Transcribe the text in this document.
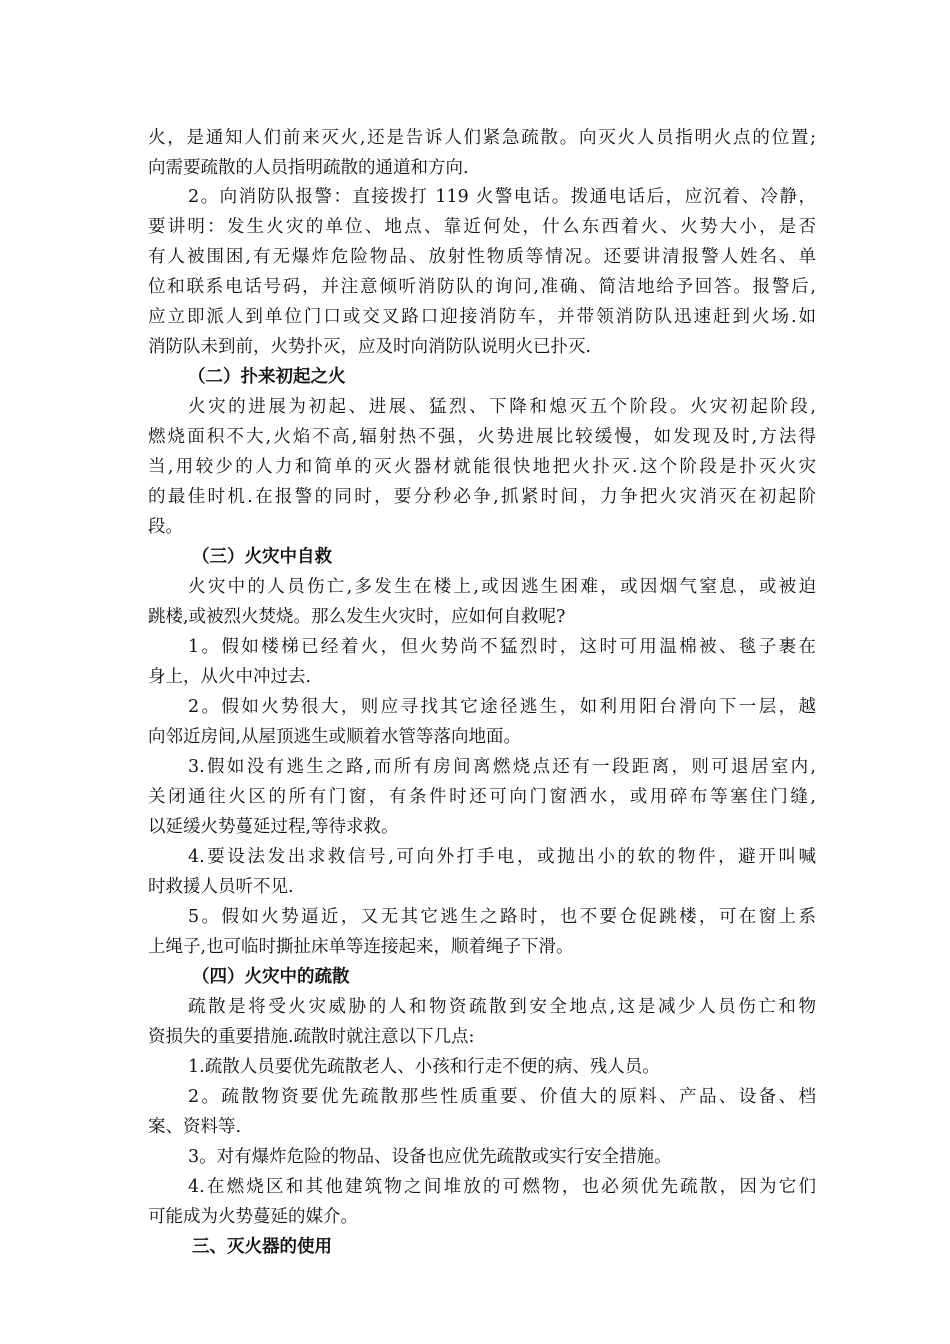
火，是通知人们前来灭火,还是告诉人们紧急疏散。向灭火人员指明火点的位置;
向需要疏散的人员指明疏散的通道和方向.
2。向消防队报警：直接拨打 119 火警电话。拨通电话后，应沉着、冷静，
要讲明：发生火灾的单位、地点、靠近何处，什么东西着火、火势大小，是否
有人被围困,有无爆炸危险物品、放射性物质等情况。还要讲清报警人姓名、单
位和联系电话号码，并注意倾听消防队的询问,准确、简洁地给予回答。报警后,
应立即派人到单位门口或交叉路口迎接消防车，并带领消防队迅速赶到火场.如
消防队未到前，火势扑灭，应及时向消防队说明火已扑灭.
（二）扑来初起之火
火灾的进展为初起、进展、猛烈、下降和熄灭五个阶段。火灾初起阶段,
燃烧面积不大,火焰不高,辐射热不强，火势进展比较缓慢，如发现及时,方法得
当,用较少的人力和简单的灭火器材就能很快地把火扑灭.这个阶段是扑灭火灾
的最佳时机.在报警的同时，要分秒必争,抓紧时间，力争把火灾消灭在初起阶
段。
（三）火灾中自救
火灾中的人员伤亡,多发生在楼上,或因逃生困难，或因烟气窒息，或被迫
跳楼,或被烈火焚烧。那么发生火灾时，应如何自救呢?
1。假如楼梯已经着火，但火势尚不猛烈时，这时可用温棉被、毯子裹在
身上，从火中冲过去.
2。假如火势很大，则应寻找其它途径逃生，如利用阳台滑向下一层，越
向邻近房间,从屋顶逃生或顺着水管等落向地面。
3.假如没有逃生之路,而所有房间离燃烧点还有一段距离，则可退居室内,
关闭通往火区的所有门窗，有条件时还可向门窗洒水，或用碎布等塞住门缝,
以延缓火势蔓延过程,等待求救。
4.要设法发出求救信号,可向外打手电，或抛出小的软的物件，避开叫喊
时救援人员听不见.
5。假如火势逼近，又无其它逃生之路时，也不要仓促跳楼，可在窗上系
上绳子,也可临时撕扯床单等连接起来，顺着绳子下滑。
（四）火灾中的疏散
疏散是将受火灾威胁的人和物资疏散到安全地点,这是减少人员伤亡和物
资损失的重要措施.疏散时就注意以下几点:
1.疏散人员要优先疏散老人、小孩和行走不便的病、残人员。
2。疏散物资要优先疏散那些性质重要、价值大的原料、产品、设备、档
案、资料等.
3。对有爆炸危险的物品、设备也应优先疏散或实行安全措施。
4.在燃烧区和其他建筑物之间堆放的可燃物，也必须优先疏散，因为它们
可能成为火势蔓延的媒介。
三、灭火器的使用
